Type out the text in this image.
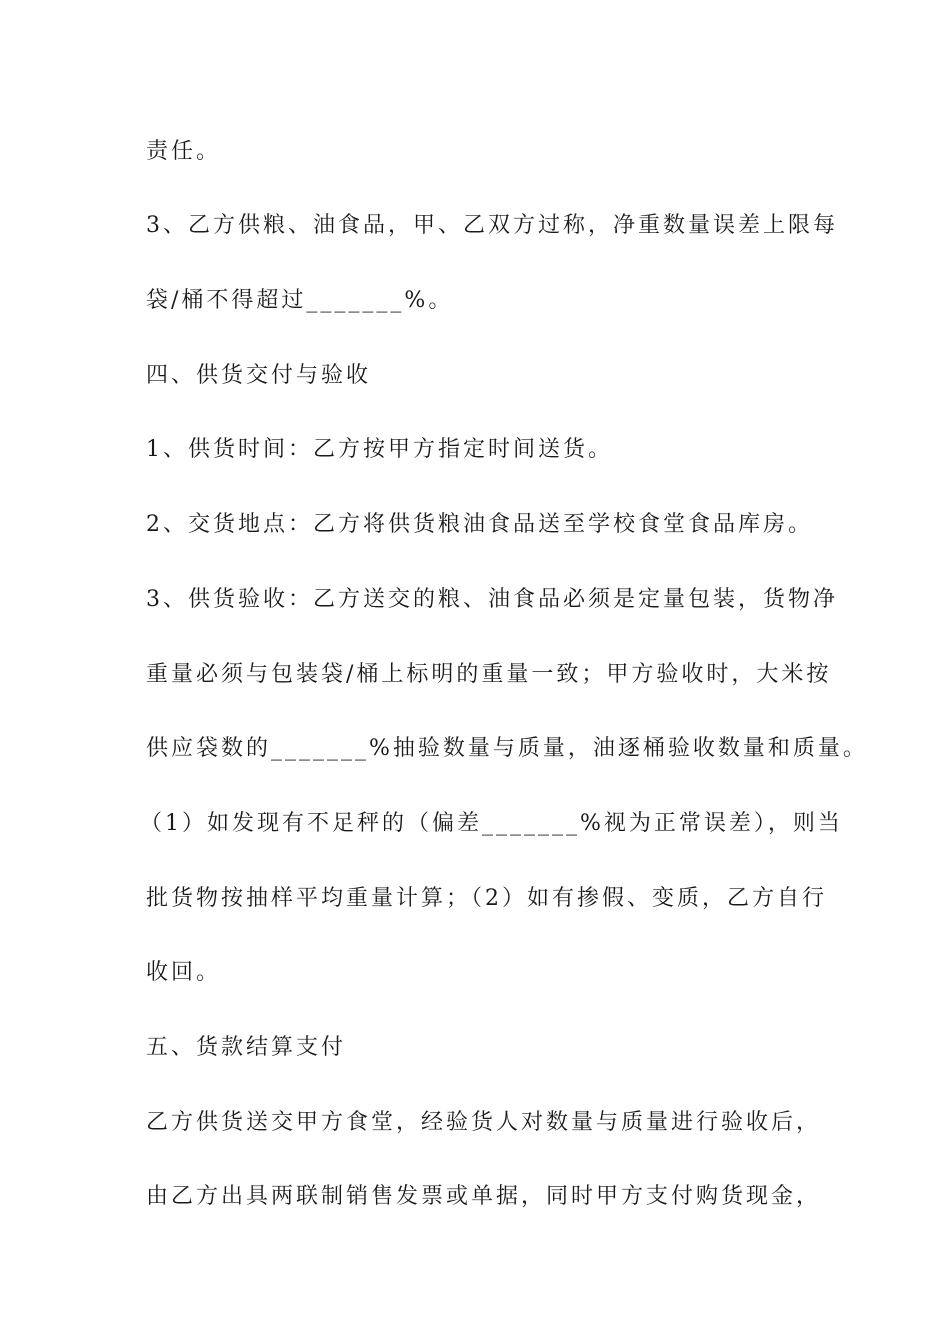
责任。
3、乙方供粮、油食品，甲、乙双方过称，净重数量误差上限每
袋/桶不得超过_______%。
四、供货交付与验收
1、供货时间：乙方按甲方指定时间送货。
2、交货地点：乙方将供货粮油食品送至学校食堂食品库房。
3、供货验收：乙方送交的粮、油食品必须是定量包装，货物净
重量必须与包装袋/桶上标明的重量一致；甲方验收时，大米按
供应袋数的_______%抽验数量与质量，油逐桶验收数量和质量。
（1）如发现有不足秤的（偏差_______%视为正常误差），则当
批货物按抽样平均重量计算；（2）如有掺假、变质，乙方自行
收回。
五、货款结算支付
乙方供货送交甲方食堂，经验货人对数量与质量进行验收后，
由乙方出具两联制销售发票或单据，同时甲方支付购货现金，
